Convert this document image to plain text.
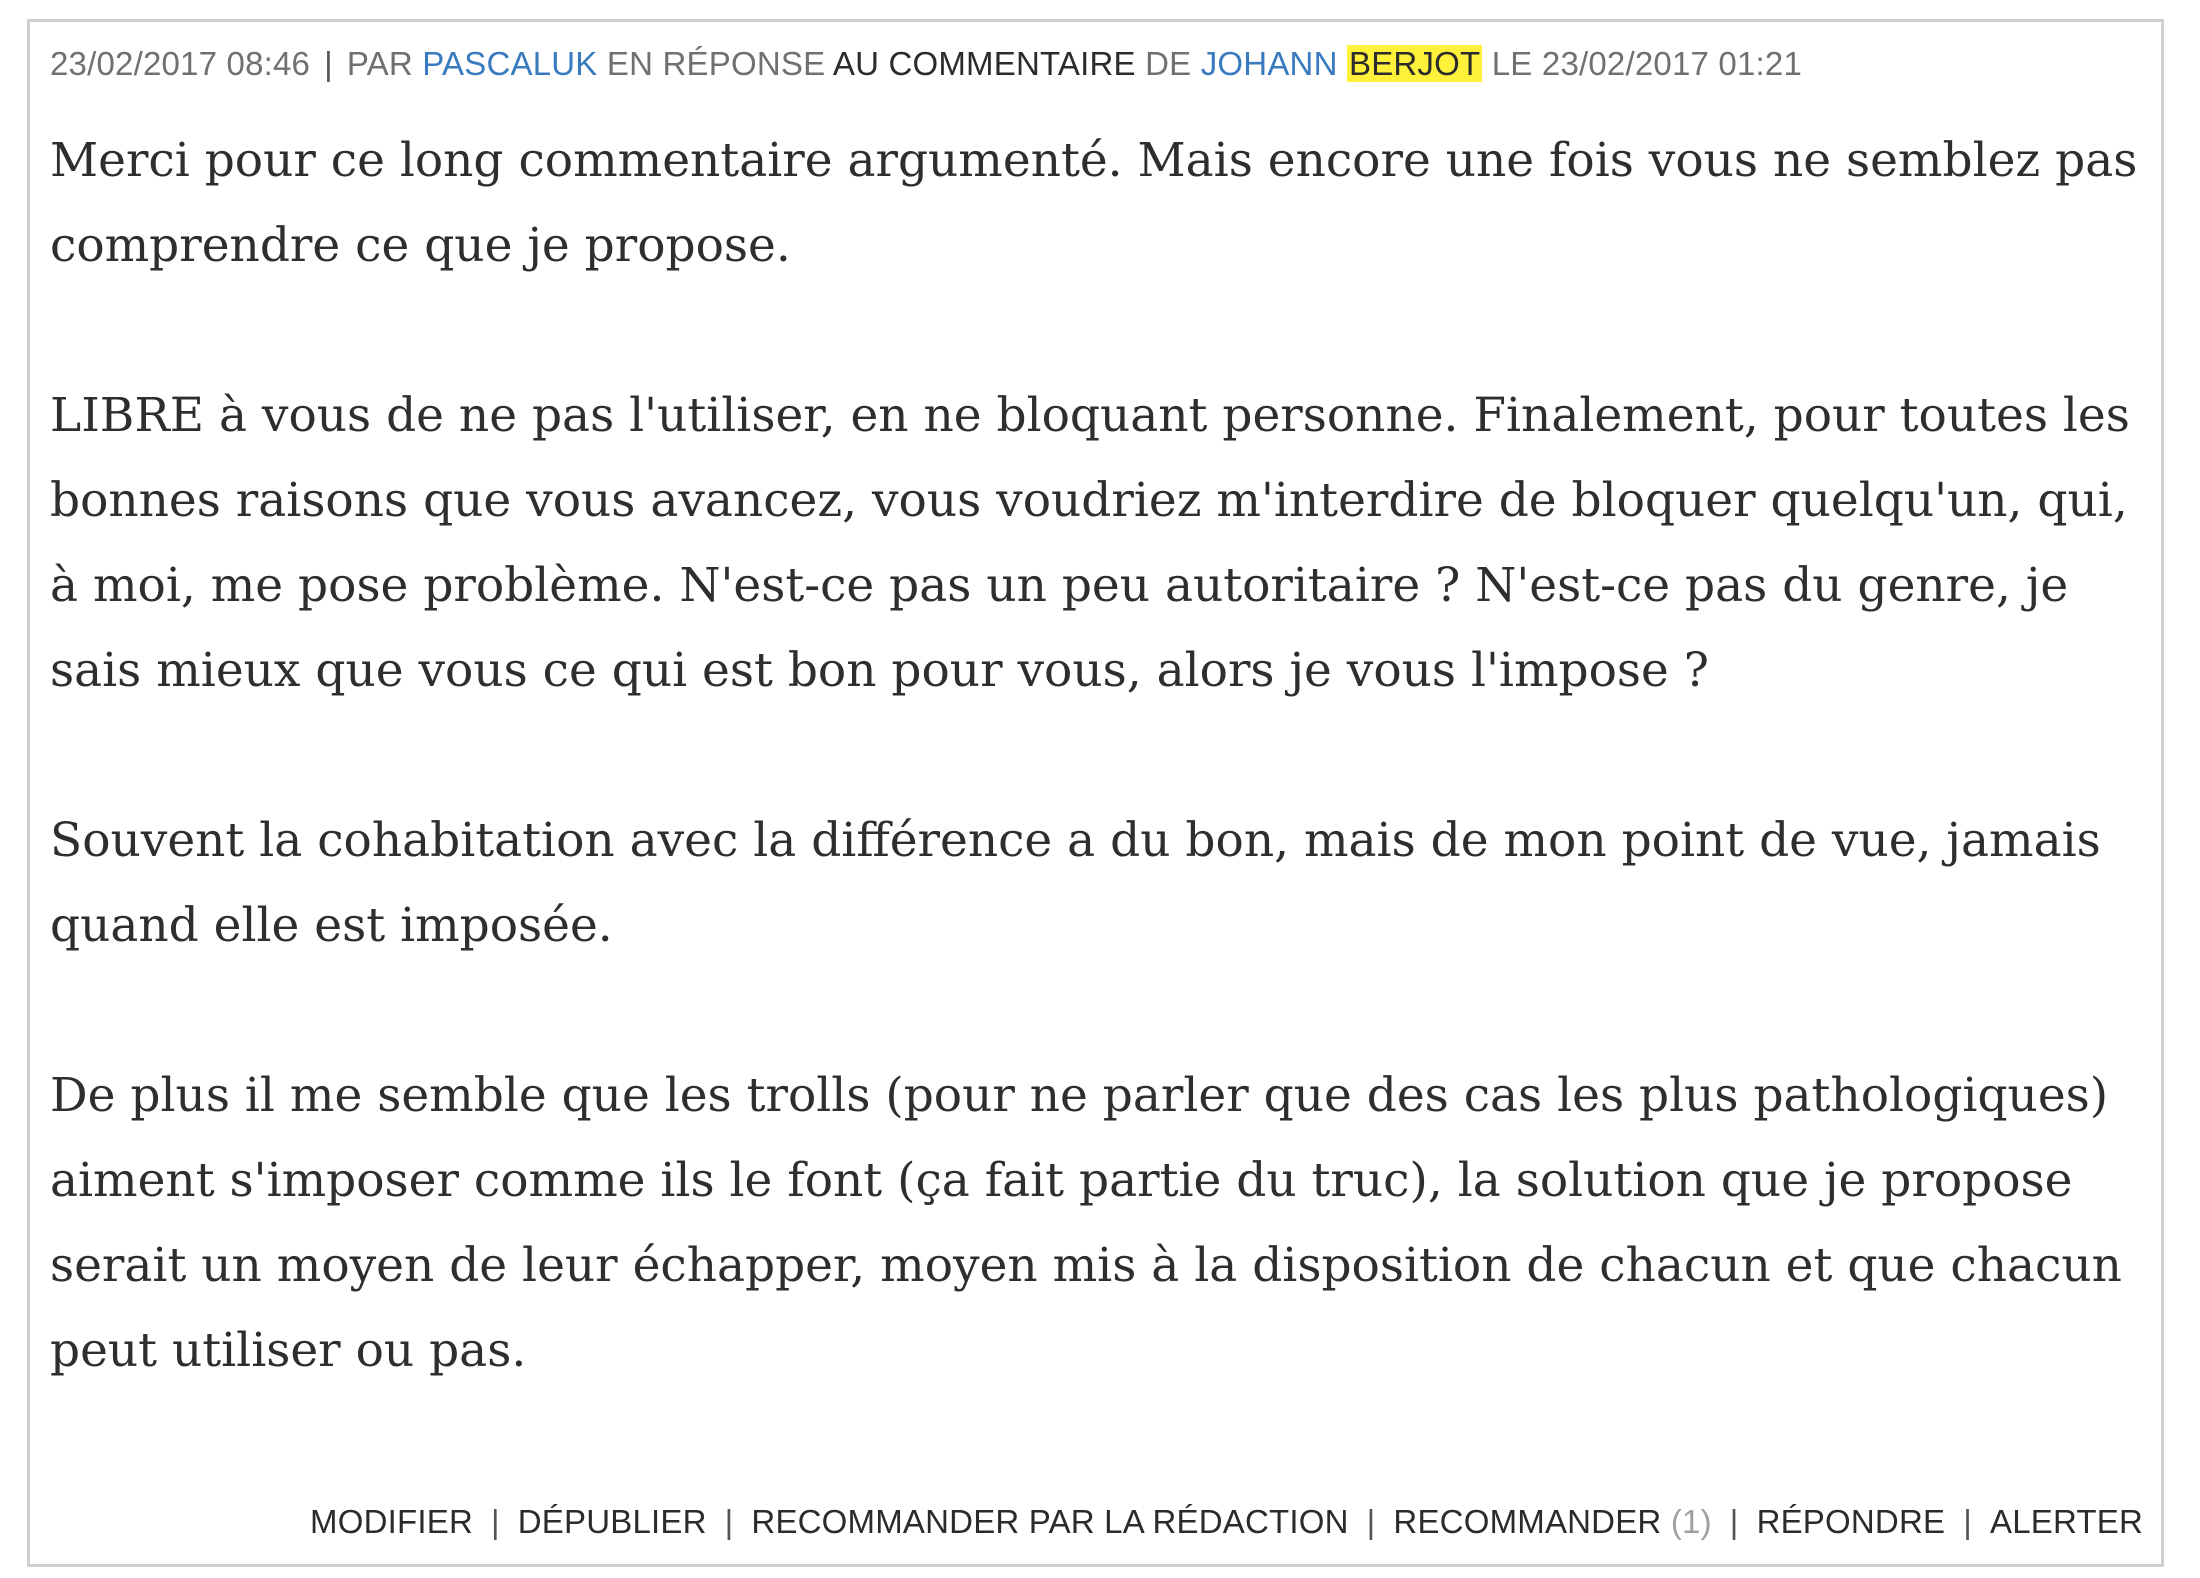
23/02/2017 08:46 | PAR PASCALUK EN RÉPONSE AU COMMENTAIRE DE JOHANN BERJOT LE 23/02/2017 01:21

Merci pour ce long commentaire argumenté. Mais encore une fois vous ne semblez pas comprendre ce que je propose.

LIBRE à vous de ne pas l'utiliser, en ne bloquant personne. Finalement, pour toutes les bonnes raisons que vous avancez, vous voudriez m'interdire de bloquer quelqu'un, qui, à moi, me pose problème. N'est-ce pas un peu autoritaire ? N'est-ce pas du genre, je sais mieux que vous ce qui est bon pour vous, alors je vous l'impose ?

Souvent la cohabitation avec la différence a du bon, mais de mon point de vue, jamais quand elle est imposée.

De plus il me semble que les trolls (pour ne parler que des cas les plus pathologiques) aiment s'imposer comme ils le font (ça fait partie du truc), la solution que je propose serait un moyen de leur échapper, moyen mis à la disposition de chacun et que chacun peut utiliser ou pas.

MODIFIER | DÉPUBLIER | RECOMMANDER PAR LA RÉDACTION | RECOMMANDER (1) | RÉPONDRE | ALERTER
